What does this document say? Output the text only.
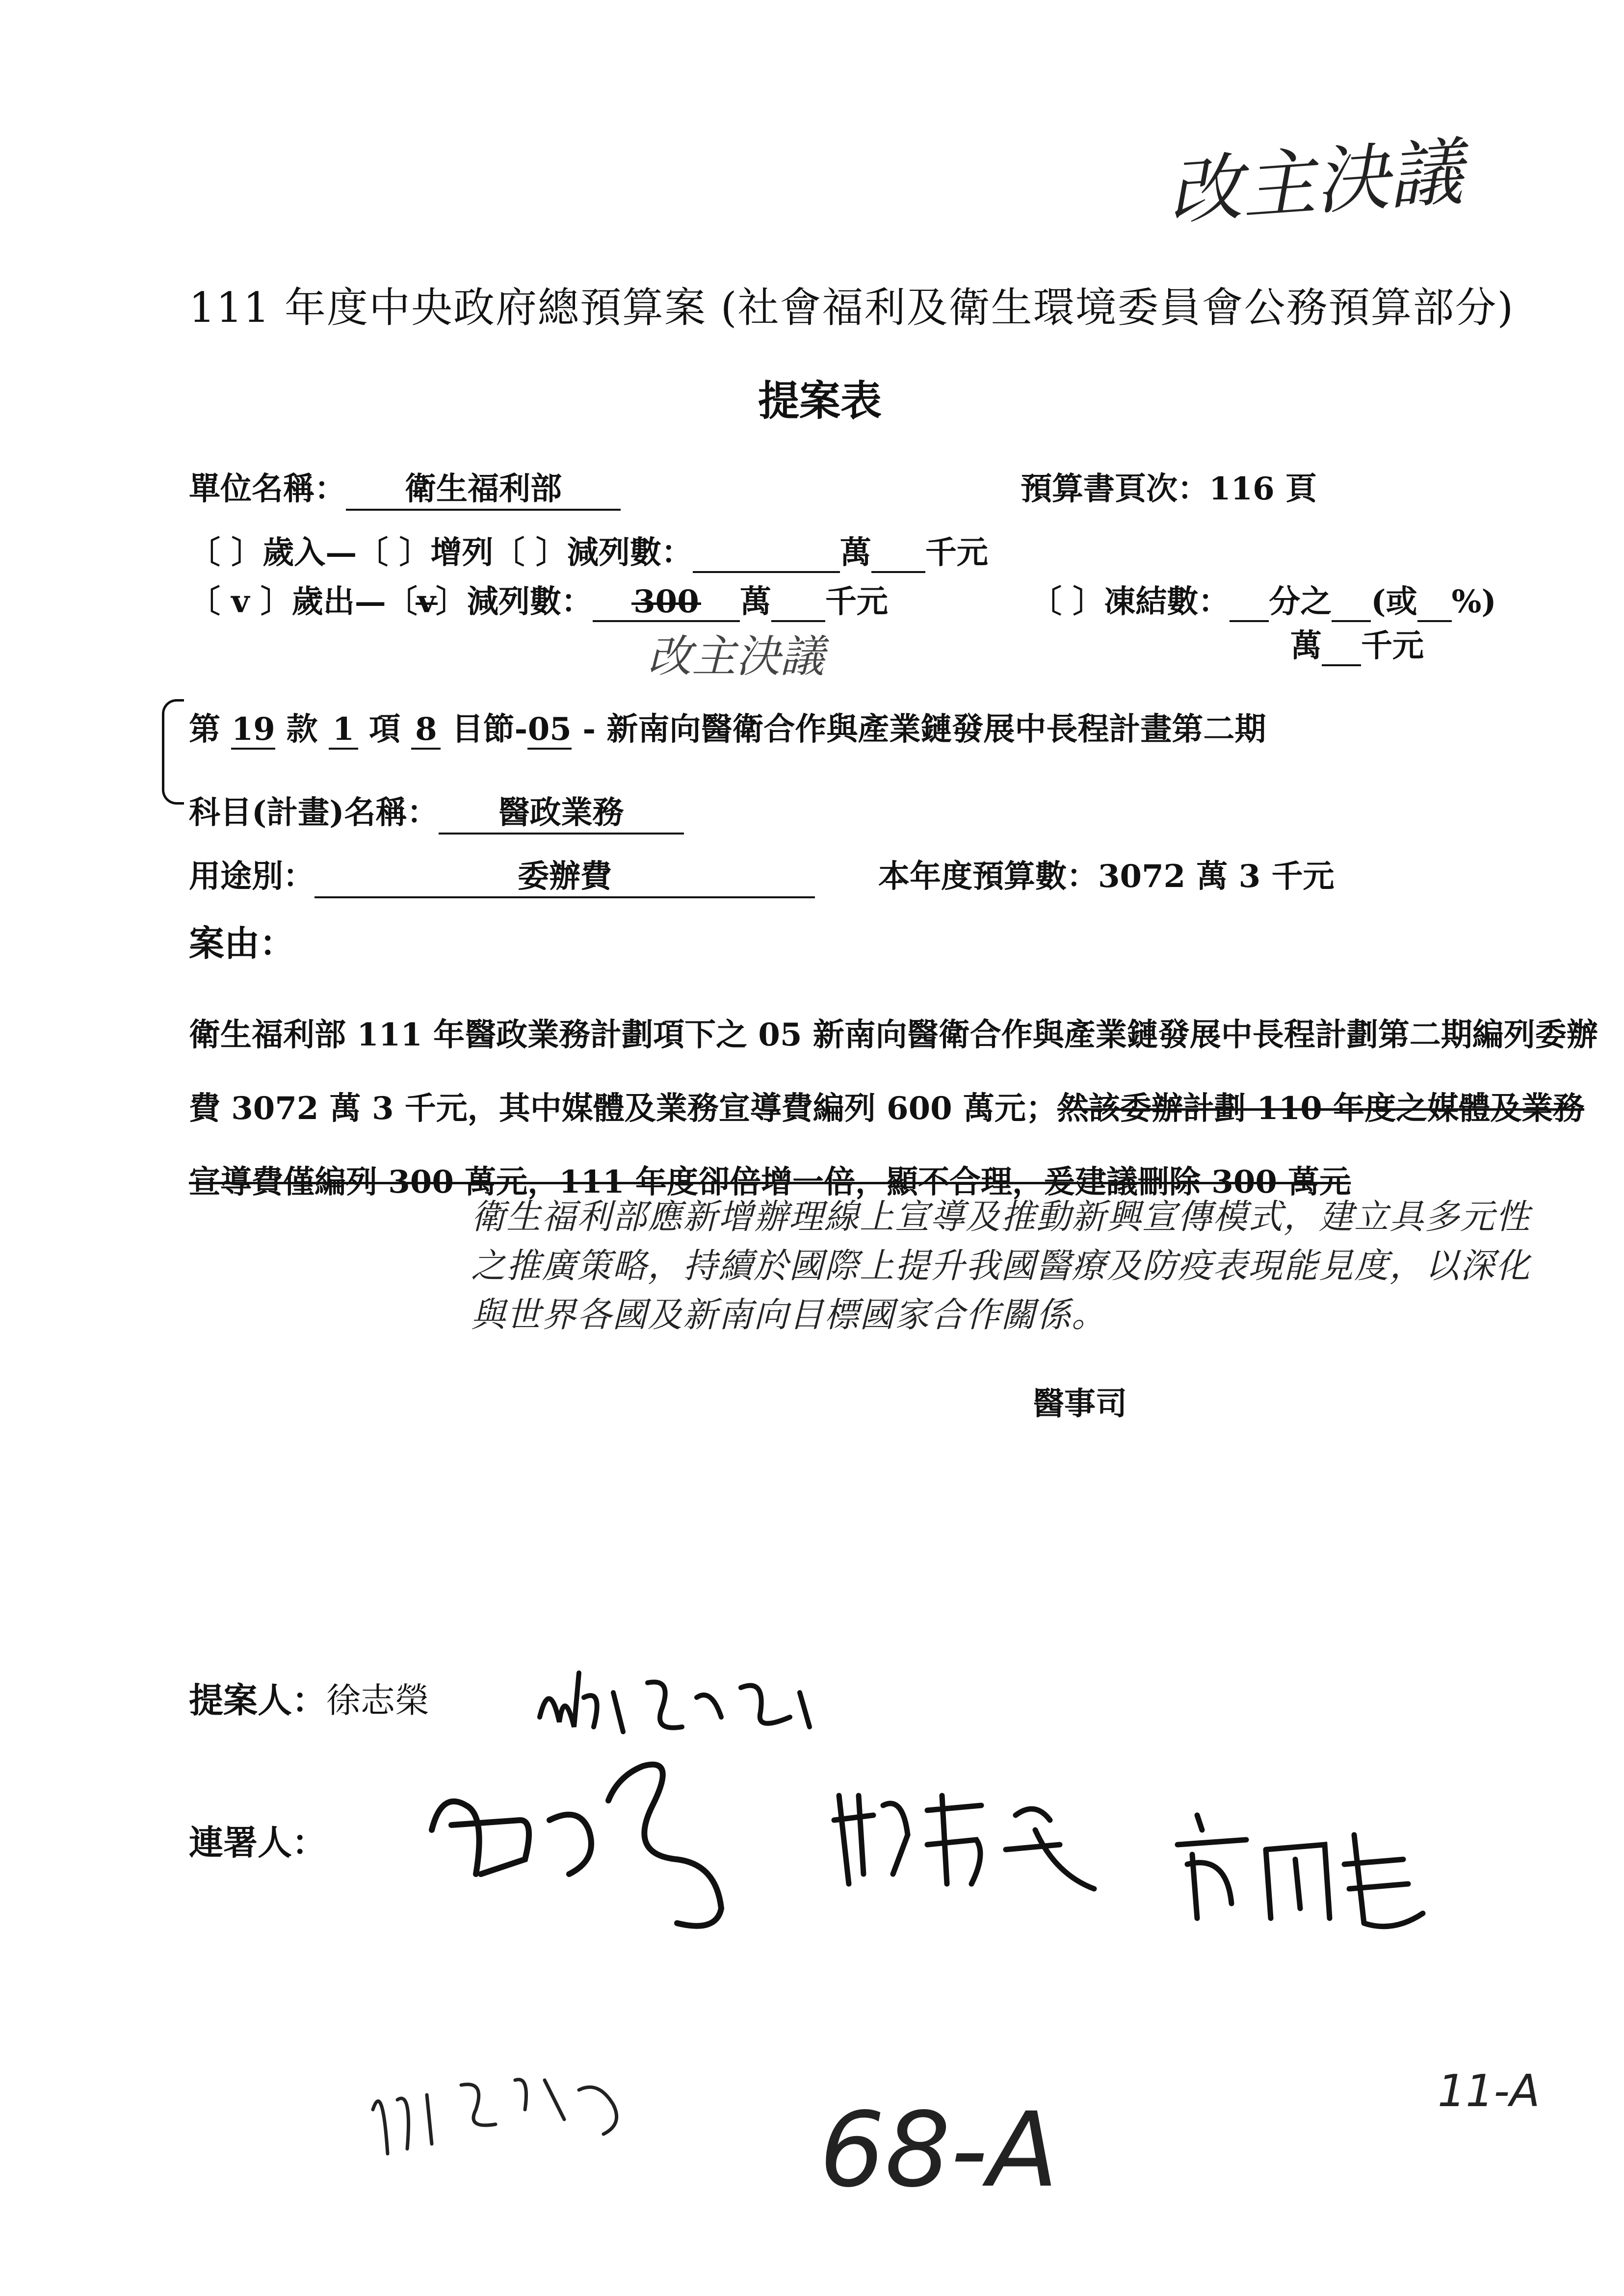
改主決議
111 年度中央政府總預算案 (社會福利及衛生環境委員會公務預算部分)
提案表
單位名稱： 衛生福利部	預算書頁次：116 頁
〔 〕歲入—〔 〕增列〔 〕減列數：	萬 千元
〔 v 〕歲出—〔v〕減列數： 300 萬 千元	〔 〕凍結數： 分之 (或 %)
萬 千元
改主決議
第 19 款 1 項 8 目節-05 - 新南向醫衛合作與產業鏈發展中長程計畫第二期
科目(計畫)名稱： 醫政業務
用途別：	委辦費	本年度預算數：3072 萬 3 千元
案由：
衛生福利部 111 年醫政業務計劃項下之 05 新南向醫衛合作與產業鏈發展中長程計劃第二期編列委辦費 3072 萬 3 千元，其中媒體及業務宣導費編列 600 萬元；然該委辦計劃 110 年度之媒體及業務宣導費僅編列 300 萬元，111 年度卻倍增一倍，顯不合理，爰建議刪除 300 萬元
衛生福利部應新增辦理線上宣導及推動新興宣傳模式，建立具多元性之推廣策略，持續於國際上提升我國醫療及防疫表現能見度，以深化與世界各國及新南向目標國家合作關係。
醫事司
提案人：徐志榮
連署人：
68-A	11-A
